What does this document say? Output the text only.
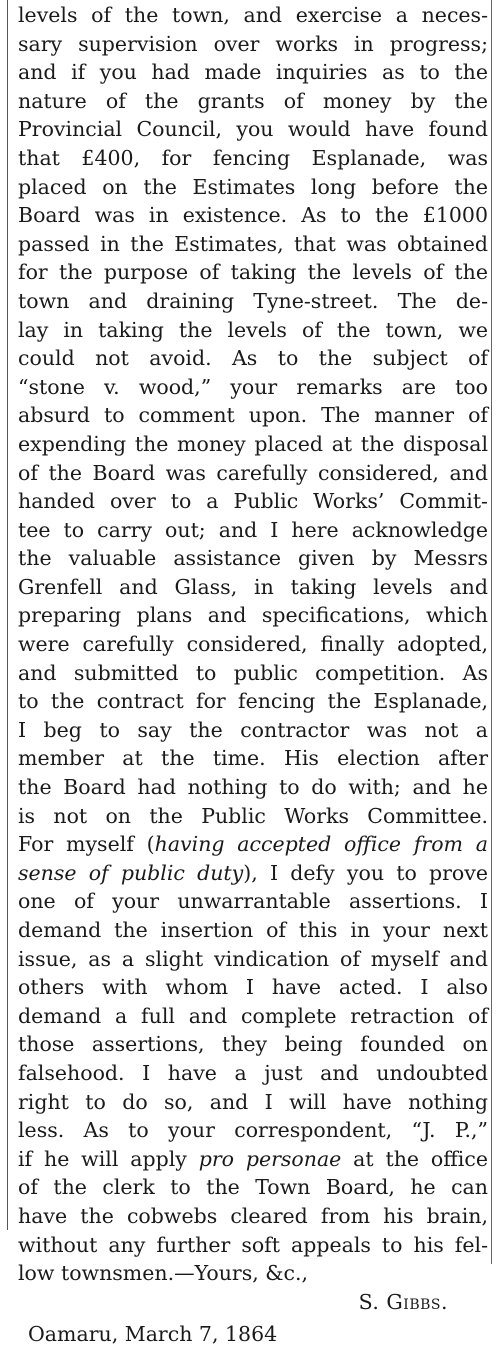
levels of the town, and exercise a neces-
sary supervision over works in progress;
and if you had made inquiries as to the
nature of the grants of money by the
Provincial Council, you would have found
that £400, for fencing Esplanade, was
placed on the Estimates long before the
Board was in existence. As to the £1000
passed in the Estimates, that was obtained
for the purpose of taking the levels of the
town and draining Tyne-street. The de-
lay in taking the levels of the town, we
could not avoid. As to the subject of
“stone v. wood,” your remarks are too
absurd to comment upon. The manner of
expending the money placed at the disposal
of the Board was carefully considered, and
handed over to a Public Works’ Commit-
tee to carry out; and I here acknowledge
the valuable assistance given by Messrs
Grenfell and Glass, in taking levels and
preparing plans and specifications, which
were carefully considered, finally adopted,
and submitted to public competition. As
to the contract for fencing the Esplanade,
I beg to say the contractor was not a
member at the time. His election after
the Board had nothing to do with; and he
is not on the Public Works Committee.
For myself (having accepted office from a
sense of public duty), I defy you to prove
one of your unwarrantable assertions. I
demand the insertion of this in your next
issue, as a slight vindication of myself and
others with whom I have acted. I also
demand a full and complete retraction of
those assertions, they being founded on
falsehood. I have a just and undoubted
right to do so, and I will have nothing
less. As to your correspondent, “J. P.,”
if he will apply pro personae at the office
of the clerk to the Town Board, he can
have the cobwebs cleared from his brain,
without any further soft appeals to his fel-
low townsmen.—Yours, &c.,
S. Gibbs.
Oamaru, March 7, 1864
